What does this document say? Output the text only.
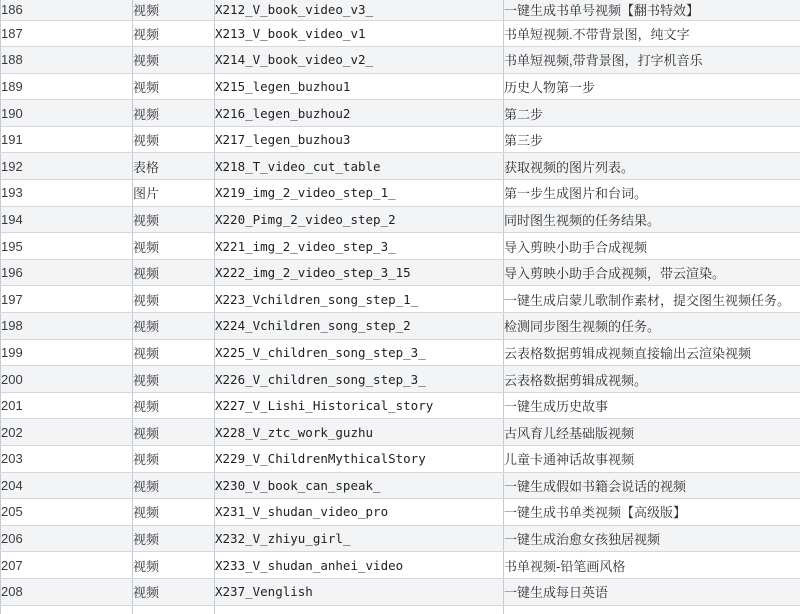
186	视频	X212_V_book_video_v3_	一键生成书单号视频【翻书特效】
187	视频	X213_V_book_video_v1	书单短视频.不带背景图，纯文字
188	视频	X214_V_book_video_v2_	书单短视频,带背景图，打字机音乐
189	视频	X215_legen_buzhou1	历史人物第一步
190	视频	X216_legen_buzhou2	第二步
191	视频	X217_legen_buzhou3	第三步
192	表格	X218_T_video_cut_table	获取视频的图片列表。
193	图片	X219_img_2_video_step_1_	第一步生成图片和台词。
194	视频	X220_Pimg_2_video_step_2	同时图生视频的任务结果。
195	视频	X221_img_2_video_step_3_	导入剪映小助手合成视频
196	视频	X222_img_2_video_step_3_15	导入剪映小助手合成视频，带云渲染。
197	视频	X223_Vchildren_song_step_1_	一键生成启蒙儿歌制作素材，提交图生视频任务。
198	视频	X224_Vchildren_song_step_2	检测同步图生视频的任务。
199	视频	X225_V_children_song_step_3_	云表格数据剪辑成视频直接输出云渲染视频
200	视频	X226_V_children_song_step_3_	云表格数据剪辑成视频。
201	视频	X227_V_Lishi_Historical_story	一键生成历史故事
202	视频	X228_V_ztc_work_guzhu	古风育儿经基础版视频
203	视频	X229_V_ChildrenMythicalStory	儿童卡通神话故事视频
204	视频	X230_V_book_can_speak_	一键生成假如书籍会说话的视频
205	视频	X231_V_shudan_video_pro	一键生成书单类视频【高级版】
206	视频	X232_V_zhiyu_girl_	一键生成治愈女孩独居视频
207	视频	X233_V_shudan_anhei_video	书单视频-铅笔画风格
208	视频	X237_Venglish	一键生成每日英语
